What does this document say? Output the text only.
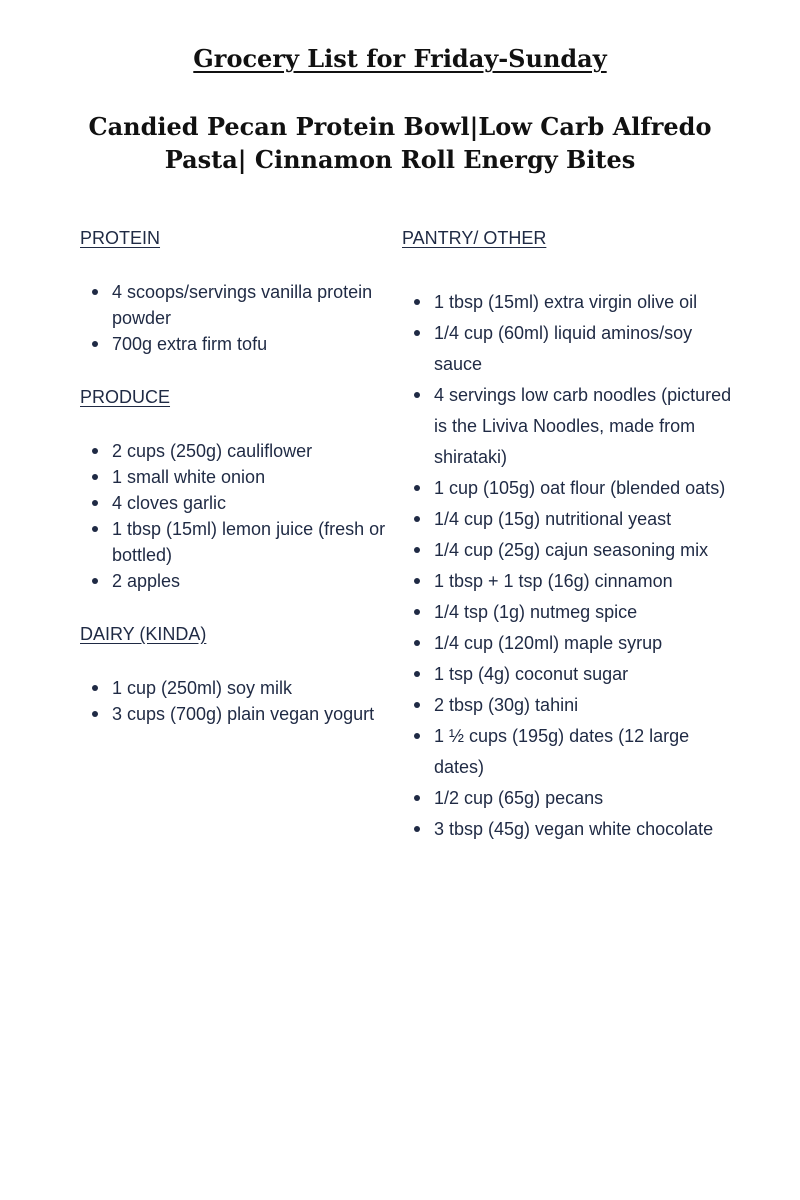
Grocery List for Friday-Sunday
Candied Pecan Protein Bowl|Low Carb Alfredo Pasta| Cinnamon Roll Energy Bites
PROTEIN
4 scoops/servings vanilla protein powder
700g extra firm tofu
PRODUCE
2 cups (250g) cauliflower
1 small white onion
4 cloves garlic
1 tbsp (15ml) lemon juice (fresh or bottled)
2 apples
DAIRY (KINDA)
1 cup (250ml) soy milk
3 cups (700g) plain vegan yogurt
PANTRY/ OTHER
1 tbsp (15ml) extra virgin olive oil
1/4 cup (60ml) liquid aminos/soy sauce
4 servings low carb noodles (pictured is the Liviva Noodles, made from shirataki)
1 cup (105g) oat flour (blended oats)
1/4 cup (15g) nutritional yeast
1/4 cup (25g) cajun seasoning mix
1 tbsp + 1 tsp (16g) cinnamon
1/4 tsp (1g) nutmeg spice
1/4 cup (120ml) maple syrup
1 tsp (4g) coconut sugar
2 tbsp (30g) tahini
1 ½ cups (195g) dates (12 large dates)
1/2 cup (65g) pecans
3 tbsp (45g) vegan white chocolate
